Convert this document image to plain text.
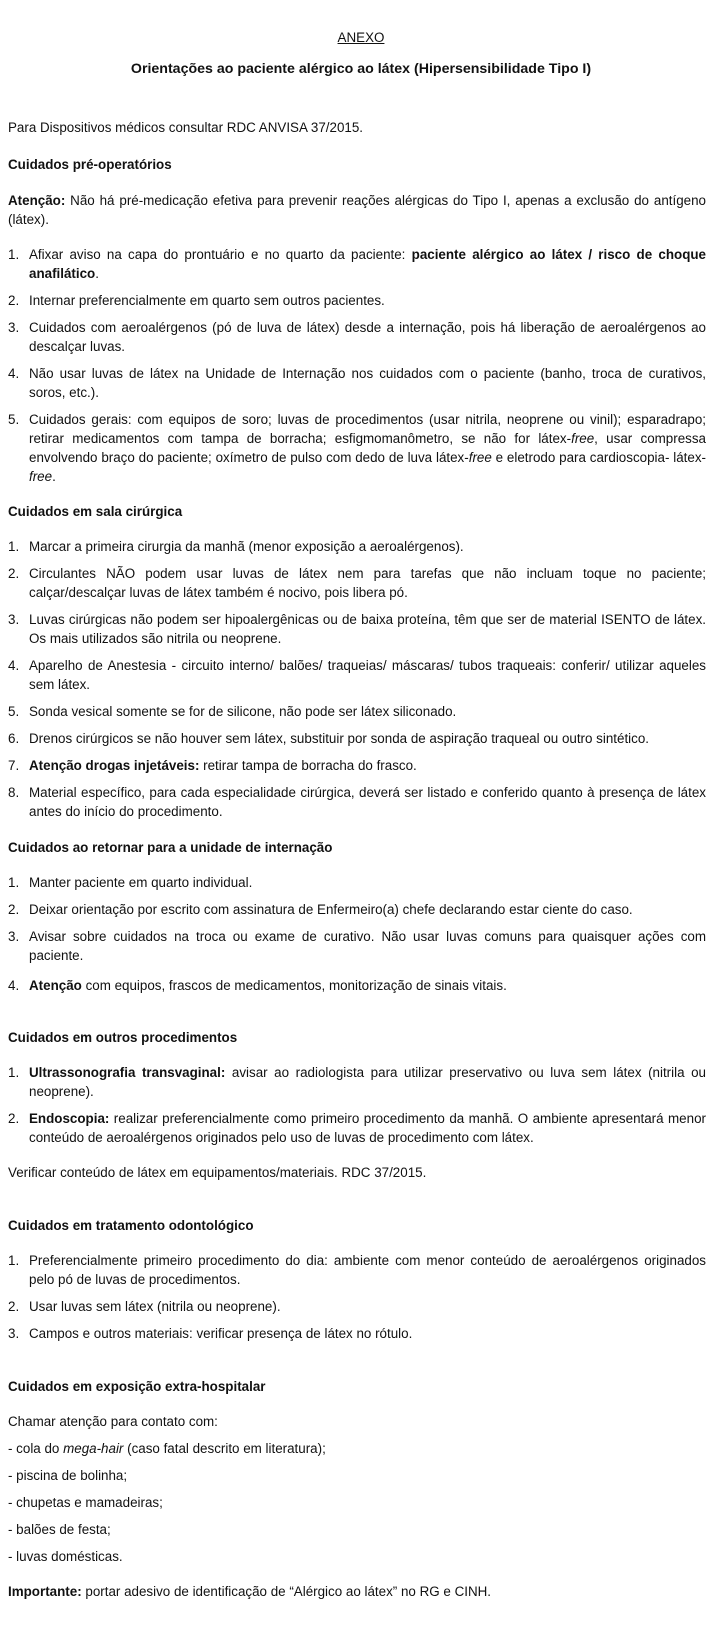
ANEXO
Orientações ao paciente alérgico ao látex (Hipersensibilidade Tipo I)

Para Dispositivos médicos consultar RDC ANVISA 37/2015.

Cuidados pré-operatórios

Atenção: Não há pré-medicação efetiva para prevenir reações alérgicas do Tipo I, apenas a exclusão do antígeno (látex).

1. Afixar aviso na capa do prontuário e no quarto da paciente: paciente alérgico ao látex / risco de choque anafilático.
2. Internar preferencialmente em quarto sem outros pacientes.
3. Cuidados com aeroalérgenos (pó de luva de látex) desde a internação, pois há liberação de aeroalérgenos ao descalçar luvas.
4. Não usar luvas de látex na Unidade de Internação nos cuidados com o paciente (banho, troca de curativos, soros, etc.).
5. Cuidados gerais: com equipos de soro; luvas de procedimentos (usar nitrila, neoprene ou vinil); esparadrapo; retirar medicamentos com tampa de borracha; esfigmomanômetro, se não for látex-free, usar compressa envolvendo braço do paciente; oxímetro de pulso com dedo de luva látex-free e eletrodo para cardioscopia- látex-free.
Cuidados em sala cirúrgica
1. Marcar a primeira cirurgia da manhã (menor exposição a aeroalérgenos).
2. Circulantes NÃO podem usar luvas de látex nem para tarefas que não incluam toque no paciente; calçar/descalçar luvas de látex também é nocivo, pois libera pó.
3. Luvas cirúrgicas não podem ser hipoalergênicas ou de baixa proteína, têm que ser de material ISENTO de látex. Os mais utilizados são nitrila ou neoprene.
4. Aparelho de Anestesia - circuito interno/ balões/ traqueias/ máscaras/ tubos traqueais: conferir/ utilizar aqueles sem látex.
5. Sonda vesical somente se for de silicone, não pode ser látex siliconado.
6. Drenos cirúrgicos se não houver sem látex, substituir por sonda de aspiração traqueal ou outro sintético.
7. Atenção drogas injetáveis: retirar tampa de borracha do frasco.
8. Material específico, para cada especialidade cirúrgica, deverá ser listado e conferido quanto à presença de látex antes do início do procedimento.
Cuidados ao retornar para a unidade de internação
1. Manter paciente em quarto individual.
2. Deixar orientação por escrito com assinatura de Enfermeiro(a) chefe declarando estar ciente do caso.
3. Avisar sobre cuidados na troca ou exame de curativo. Não usar luvas comuns para quaisquer ações com paciente.
4. Atenção com equipos, frascos de medicamentos, monitorização de sinais vitais.
Cuidados em outros procedimentos
1. Ultrassonografia transvaginal: avisar ao radiologista para utilizar preservativo ou luva sem látex (nitrila ou neoprene).
2. Endoscopia: realizar preferencialmente como primeiro procedimento da manhã. O ambiente apresentará menor conteúdo de aeroalérgenos originados pelo uso de luvas de procedimento com látex.

Verificar conteúdo de látex em equipamentos/materiais. RDC 37/2015.

Cuidados em tratamento odontológico
1. Preferencialmente primeiro procedimento do dia: ambiente com menor conteúdo de aeroalérgenos originados pelo pó de luvas de procedimentos.
2. Usar luvas sem látex (nitrila ou neoprene).
3. Campos e outros materiais: verificar presença de látex no rótulo.
Cuidados em exposição extra-hospitalar

Chamar atenção para contato com:

- cola do mega-hair (caso fatal descrito em literatura);

- piscina de bolinha;

- chupetas e mamadeiras;

- balões de festa;

- luvas domésticas.

Importante: portar adesivo de identificação de “Alérgico ao látex” no RG e CINH.
